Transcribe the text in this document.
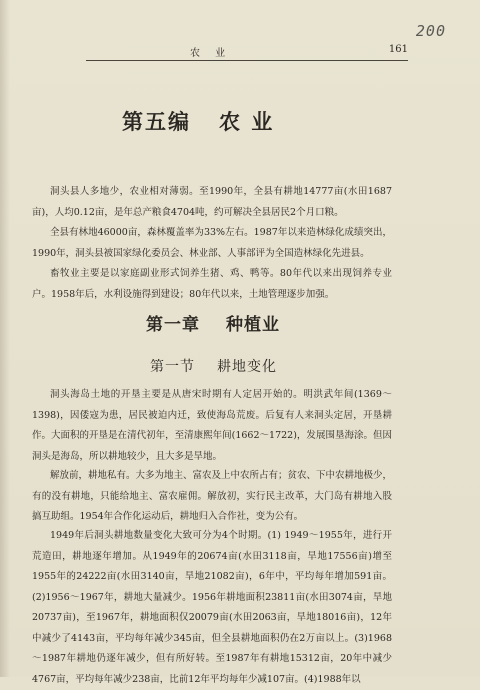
200
农 业	161
第五编 农 业
洞头县人多地少，农业相对薄弱。至1990年，全县有耕地14777亩(水田1687亩)，人均0.12亩，是年总产粮食4704吨，约可解决全县居民2个月口粮。
全县有林地46000亩，森林覆盖率为33%左右。1987年以来造林绿化成绩突出，1990年，洞头县被国家绿化委员会、林业部、人事部评为全国造林绿化先进县。
畜牧业主要是以家庭副业形式饲养生猪、鸡、鸭等。80年代以来出现饲养专业户。1958年后，水利设施得到建设；80年代以来，土地管理逐步加强。
第一章 种植业
第一节 耕地变化
洞头海岛土地的开垦主要是从唐宋时期有人定居开始的。明洪武年间(1369～1398)，因倭寇为患，居民被迫内迁，致使海岛荒废。后复有人来洞头定居，开垦耕作。大面积的开垦是在清代初年，至清康熙年间(1662～1722)，发展围垦海涂。但因洞头是海岛，所以耕地较少，且大多是旱地。
解放前，耕地私有。大多为地主、富农及上中农所占有；贫农、下中农耕地极少，有的没有耕地，只能给地主、富农雇佣。解放初，实行民主改革，大门岛有耕地入股搞互助组。1954年合作化运动后，耕地归入合作社，变为公有。
1949年后洞头耕地数量变化大致可分为4个时期。(1) 1949～1955年，进行开荒造田，耕地逐年增加。从1949年的20674亩(水田3118亩，旱地17556亩)增至1955年的24222亩(水田3140亩，旱地21082亩)，6年中，平均每年增加591亩。(2)1956～1967年，耕地大量减少。1956年耕地面积23811亩(水田3074亩，旱地20737亩)，至1967年，耕地面积仅20079亩(水田2063亩，旱地18016亩)，12年中减少了4143亩，平均每年减少345亩，但全县耕地面积仍在2万亩以上。(3)1968～1987年耕地仍逐年减少，但有所好转。至1987年有耕地15312亩，20年中减少4767亩，平均每年减少238亩，比前12年平均每年少减107亩。(4)1988年以
